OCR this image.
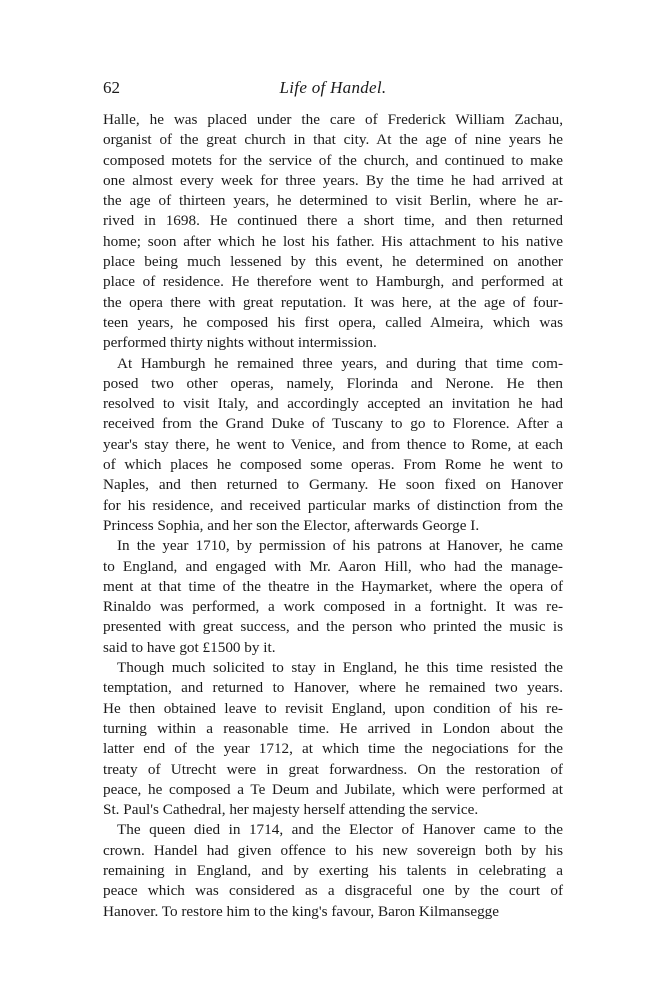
62	Life of Handel.
Halle, he was placed under the care of Frederick William Zachau,
organist of the great church in that city. At the age of nine years he
composed motets for the service of the church, and continued to make
one almost every week for three years. By the time he had arrived at
the age of thirteen years, he determined to visit Berlin, where he ar-
rived in 1698. He continued there a short time, and then returned
home; soon after which he lost his father. His attachment to his native
place being much lessened by this event, he determined on another
place of residence. He therefore went to Hamburgh, and performed at
the opera there with great reputation. It was here, at the age of four-
teen years, he composed his first opera, called Almeira, which was
performed thirty nights without intermission.
At Hamburgh he remained three years, and during that time com-
posed two other operas, namely, Florinda and Nerone. He then
resolved to visit Italy, and accordingly accepted an invitation he had
received from the Grand Duke of Tuscany to go to Florence. After a
year's stay there, he went to Venice, and from thence to Rome, at each
of which places he composed some operas. From Rome he went to
Naples, and then returned to Germany. He soon fixed on Hanover
for his residence, and received particular marks of distinction from the
Princess Sophia, and her son the Elector, afterwards George I.
In the year 1710, by permission of his patrons at Hanover, he came
to England, and engaged with Mr. Aaron Hill, who had the manage-
ment at that time of the theatre in the Haymarket, where the opera of
Rinaldo was performed, a work composed in a fortnight. It was re-
presented with great success, and the person who printed the music is
said to have got £1500 by it.
Though much solicited to stay in England, he this time resisted the
temptation, and returned to Hanover, where he remained two years.
He then obtained leave to revisit England, upon condition of his re-
turning within a reasonable time. He arrived in London about the
latter end of the year 1712, at which time the negociations for the
treaty of Utrecht were in great forwardness. On the restoration of
peace, he composed a Te Deum and Jubilate, which were performed at
St. Paul's Cathedral, her majesty herself attending the service.
The queen died in 1714, and the Elector of Hanover came to the
crown. Handel had given offence to his new sovereign both by his
remaining in England, and by exerting his talents in celebrating a
peace which was considered as a disgraceful one by the court of
Hanover. To restore him to the king's favour, Baron Kilmansegge
